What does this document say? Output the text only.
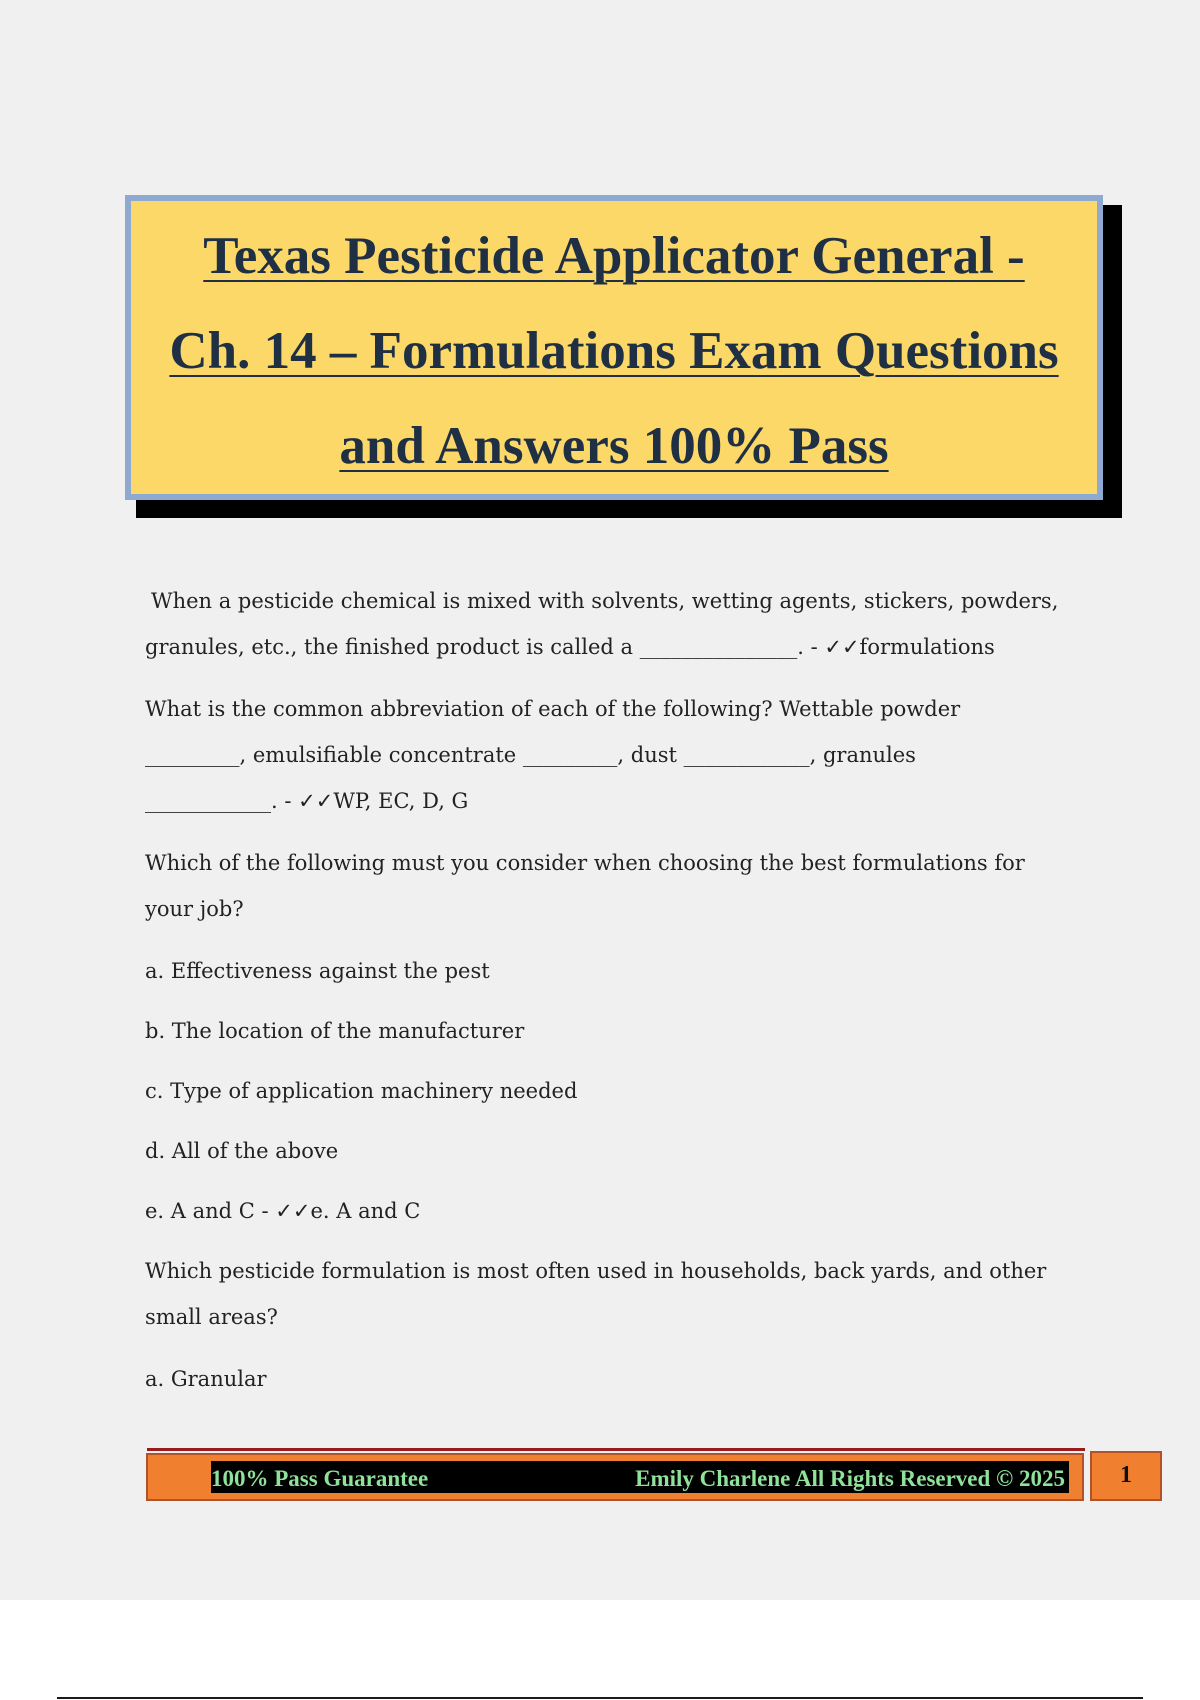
Texas Pesticide Applicator General -
Ch. 14 – Formulations Exam Questions
and Answers 100% Pass
When a pesticide chemical is mixed with solvents, wetting agents, stickers, powders,
granules, etc., the finished product is called a _______________. - ✓✓formulations
What is the common abbreviation of each of the following? Wettable powder
_________, emulsifiable concentrate _________, dust ____________, granules
____________. - ✓✓WP, EC, D, G
Which of the following must you consider when choosing the best formulations for
your job?
a. Effectiveness against the pest
b. The location of the manufacturer
c. Type of application machinery needed
d. All of the above
e. A and C - ✓✓e. A and C
Which pesticide formulation is most often used in households, back yards, and other
small areas?
a. Granular
100% Pass Guarantee	Emily Charlene All Rights Reserved © 2025	1
